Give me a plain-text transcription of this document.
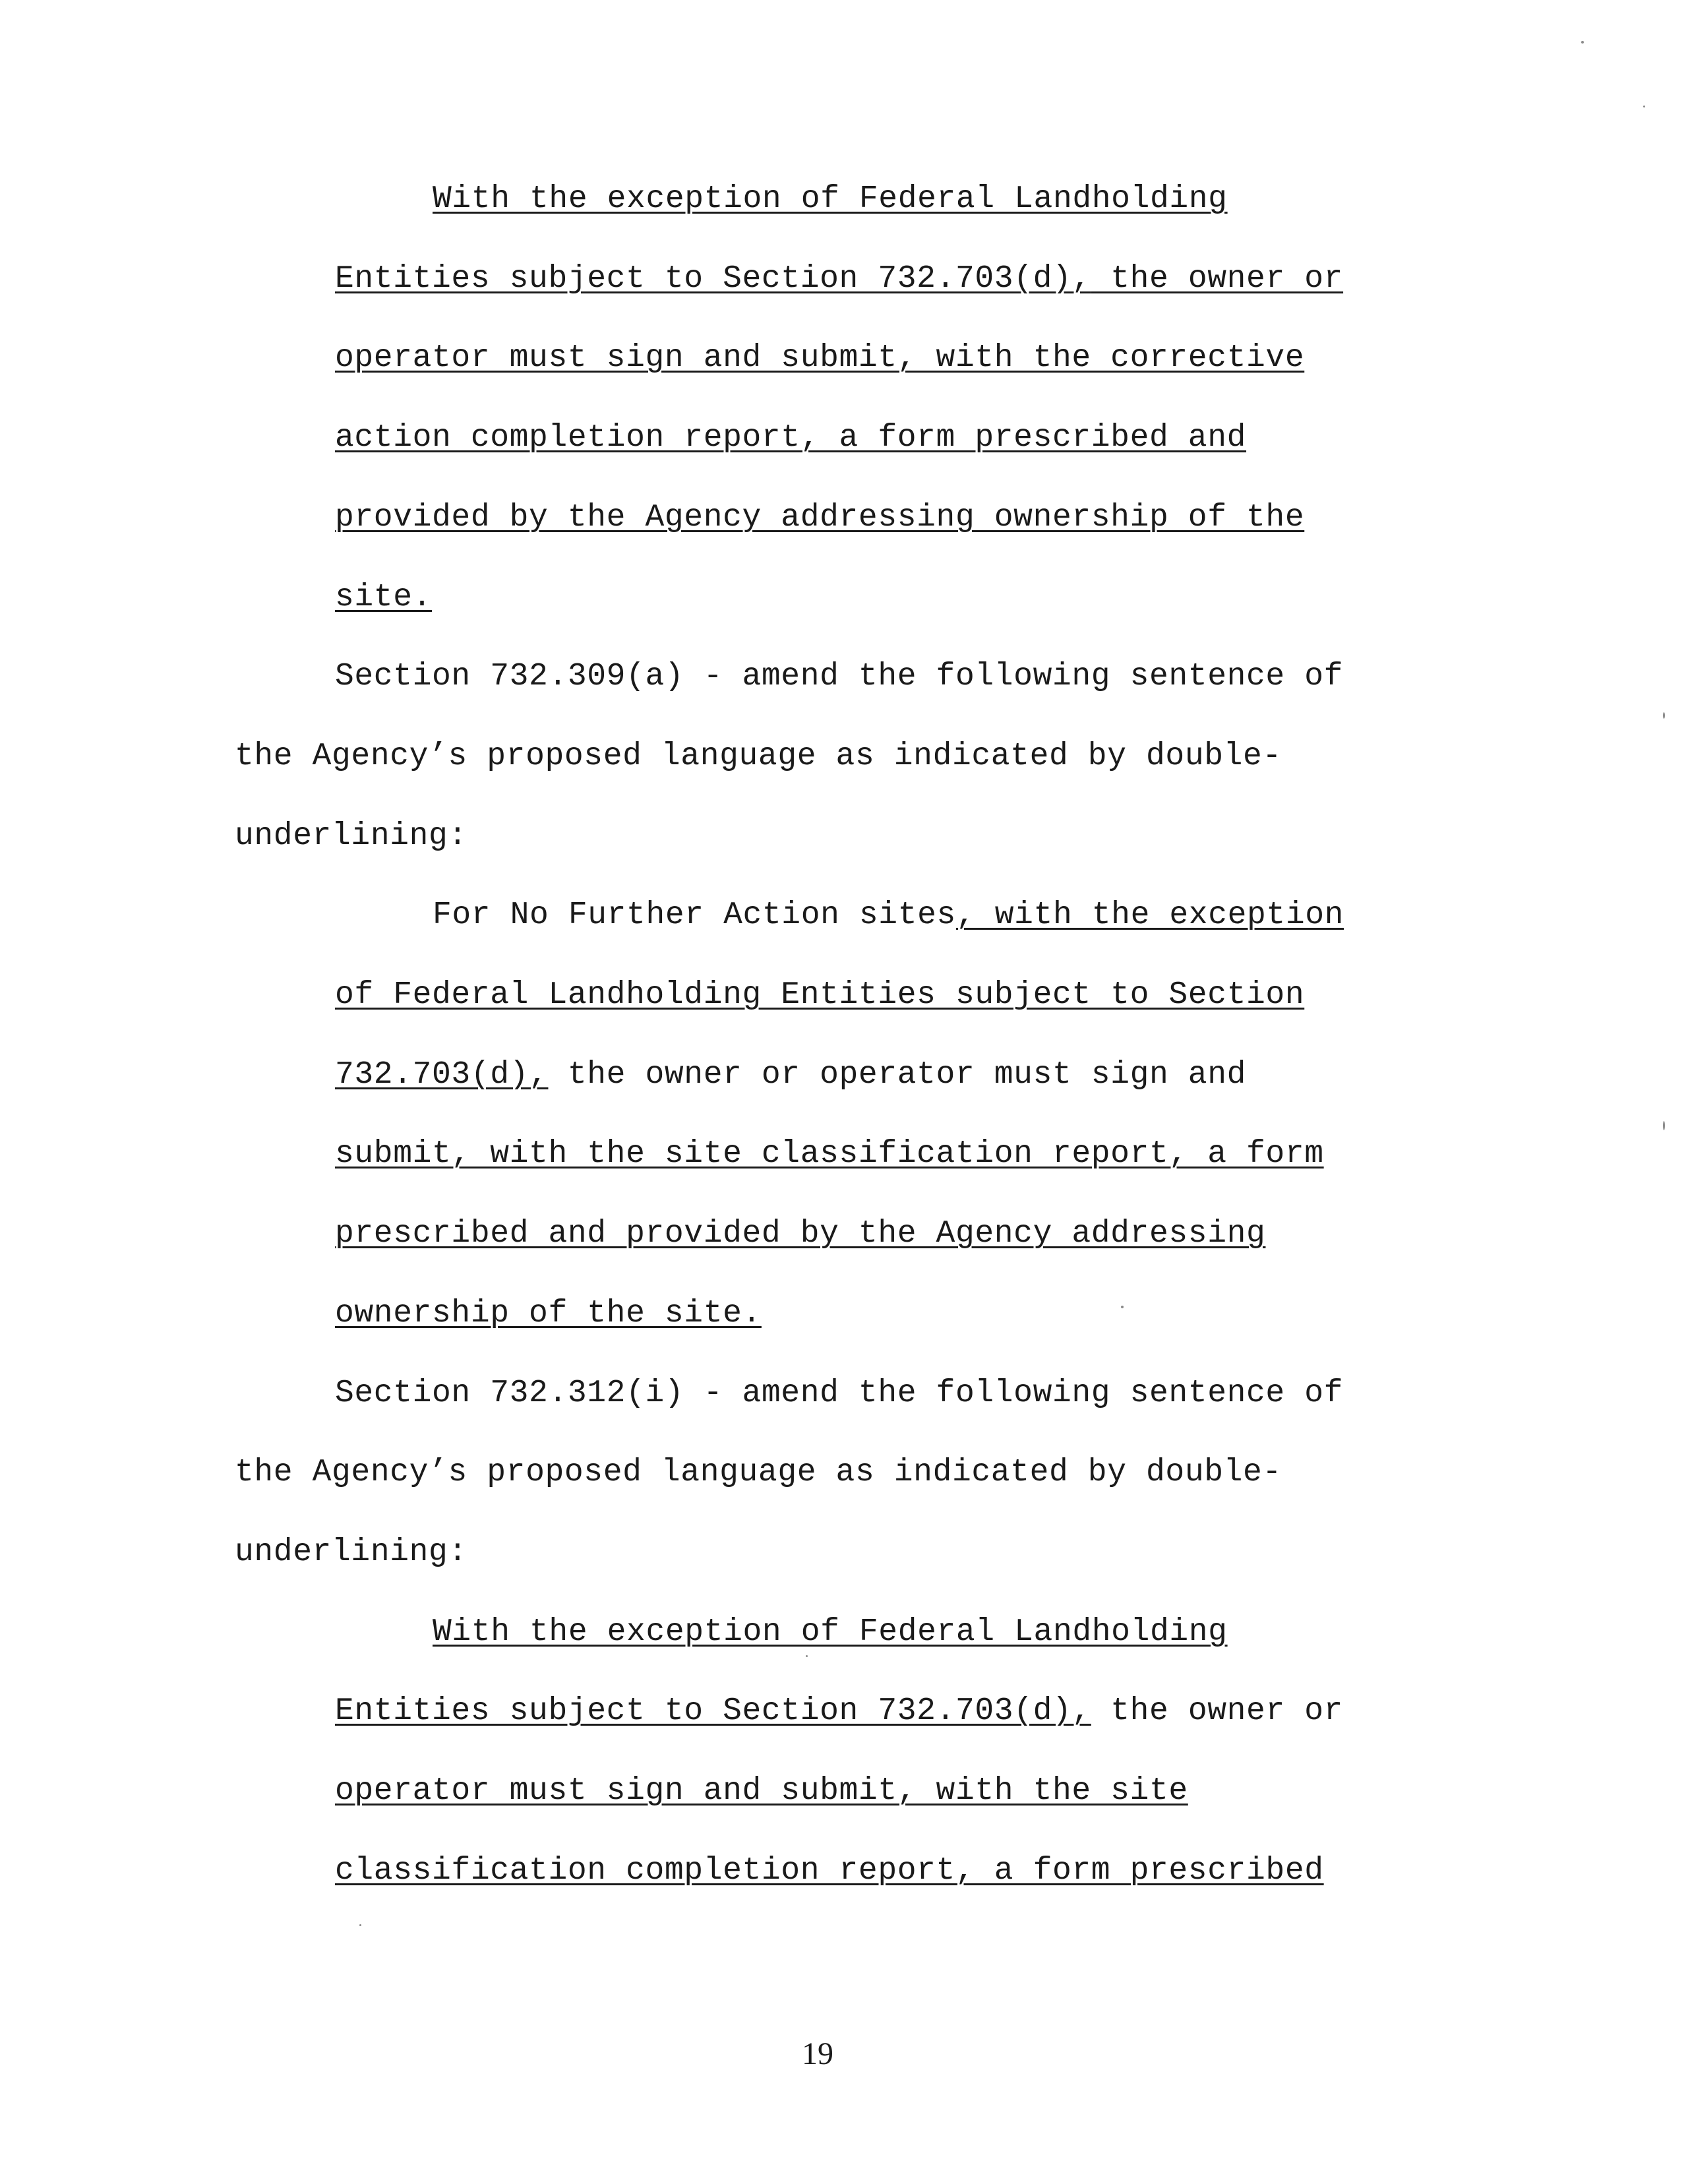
With the exception of Federal Landholding
Entities subject to Section 732.703(d), the owner or
operator must sign and submit, with the corrective
action completion report, a form prescribed and
provided by the Agency addressing ownership of the
site.
Section 732.309(a) - amend the following sentence of
the Agency’s proposed language as indicated by double-
underlining:
For No Further Action sites, with the exception
of Federal Landholding Entities subject to Section
732.703(d), the owner or operator must sign and
submit, with the site classification report, a form
prescribed and provided by the Agency addressing
ownership of the site.
Section 732.312(i) - amend the following sentence of
the Agency’s proposed language as indicated by double-
underlining:
With the exception of Federal Landholding
Entities subject to Section 732.703(d), the owner or
operator must sign and submit, with the site
classification completion report, a form prescribed
19
